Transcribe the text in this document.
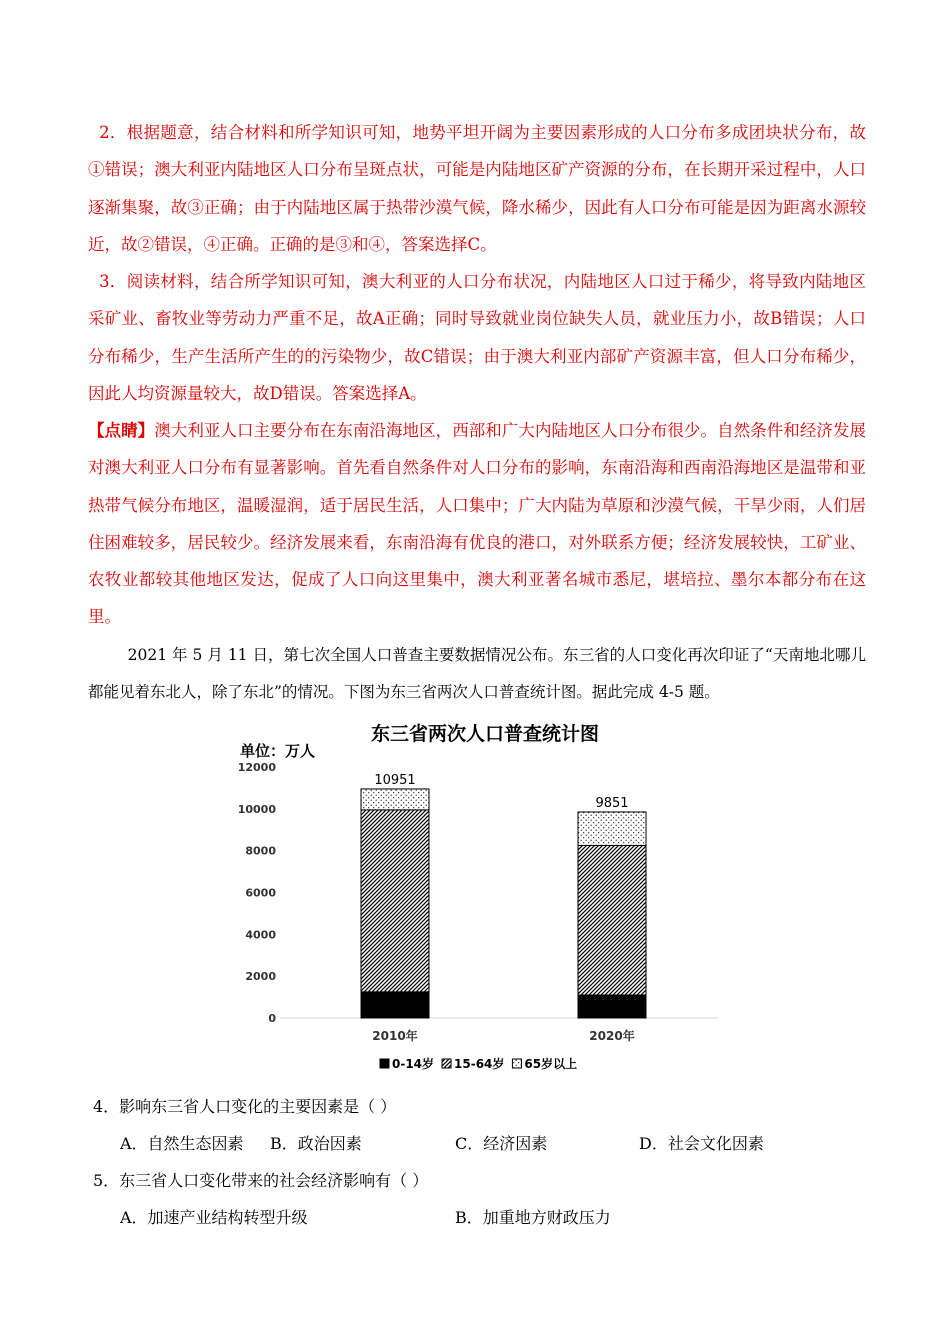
2．根据题意，结合材料和所学知识可知，地势平坦开阔为主要因素形成的人口分布多成团块状分布，故①错误；澳大利亚内陆地区人口分布呈斑点状，可能是内陆地区矿产资源的分布，在长期开采过程中，人口逐渐集聚，故③正确；由于内陆地区属于热带沙漠气候，降水稀少，因此有人口分布可能是因为距离水源较近，故②错误，④正确。正确的是③和④，答案选择C。
3．阅读材料，结合所学知识可知，澳大利亚的人口分布状况，内陆地区人口过于稀少，将导致内陆地区采矿业、畜牧业等劳动力严重不足，故A正确；同时导致就业岗位缺失人员，就业压力小，故B错误；人口分布稀少，生产生活所产生的的污染物少，故C错误；由于澳大利亚内部矿产资源丰富，但人口分布稀少，因此人均资源量较大，故D错误。答案选择A。
【点睛】澳大利亚人口主要分布在东南沿海地区，西部和广大内陆地区人口分布很少。自然条件和经济发展对澳大利亚人口分布有显著影响。首先看自然条件对人口分布的影响，东南沿海和西南沿海地区是温带和亚热带气候分布地区，温暖湿润，适于居民生活，人口集中；广大内陆为草原和沙漠气候，干旱少雨，人们居住困难较多，居民较少。经济发展来看，东南沿海有优良的港口，对外联系方便；经济发展较快，工矿业、农牧业都较其他地区发达，促成了人口向这里集中，澳大利亚著名城市悉尼，堪培拉、墨尔本都分布在这里。
2021 年 5 月 11 日，第七次全国人口普查主要数据情况公布。东三省的人口变化再次印证了“天南地北哪儿都能见着东北人，除了东北”的情况。下图为东三省两次人口普查统计图。据此完成 4-5 题。
东三省两次人口普查统计图
单位：万人
0
2000
4000
6000
8000
10000
12000
10951
9851
2010年	2020年
0-14岁 15-64岁 65岁以上
4．影响东三省人口变化的主要因素是（ ）
A．自然生态因素 B．政治因素	C．经济因素	D．社会文化因素
5．东三省人口变化带来的社会经济影响有（ ）
A．加速产业结构转型升级	B．加重地方财政压力
